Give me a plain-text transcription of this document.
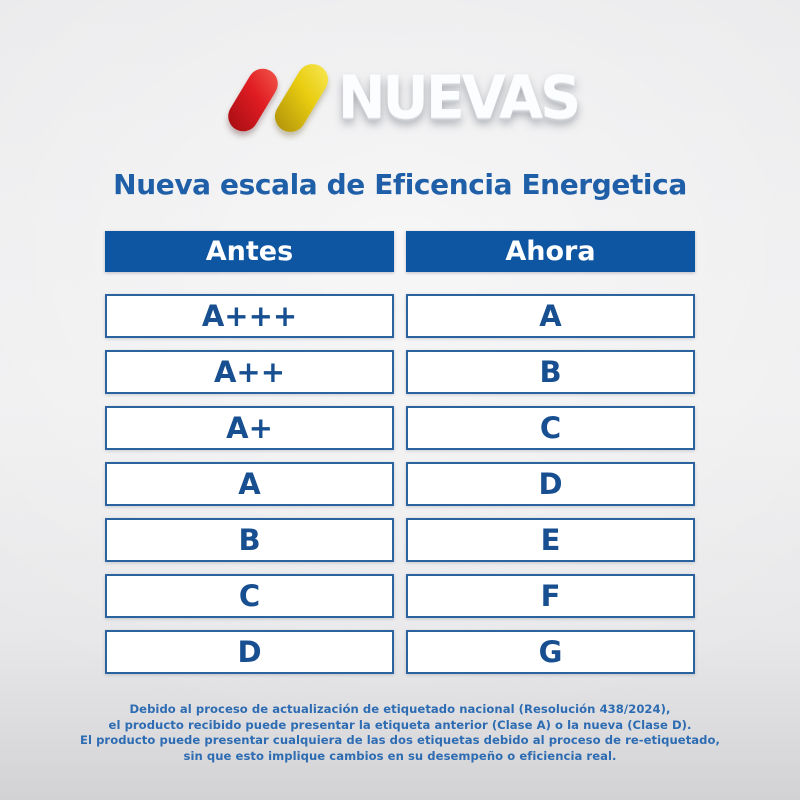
NUEVAS
Nueva escala de Eficencia Energetica
Antes	Ahora
A+++	A
A++	B
A+	C
A	D
B	E
C	F
D	G
Debido al proceso de actualización de etiquetado nacional (Resolución 438/2024),
el producto recibido puede presentar la etiqueta anterior (Clase A) o la nueva (Clase D).
El producto puede presentar cualquiera de las dos etiquetas debido al proceso de re-etiquetado,
sin que esto implique cambios en su desempeño o eficiencia real.
